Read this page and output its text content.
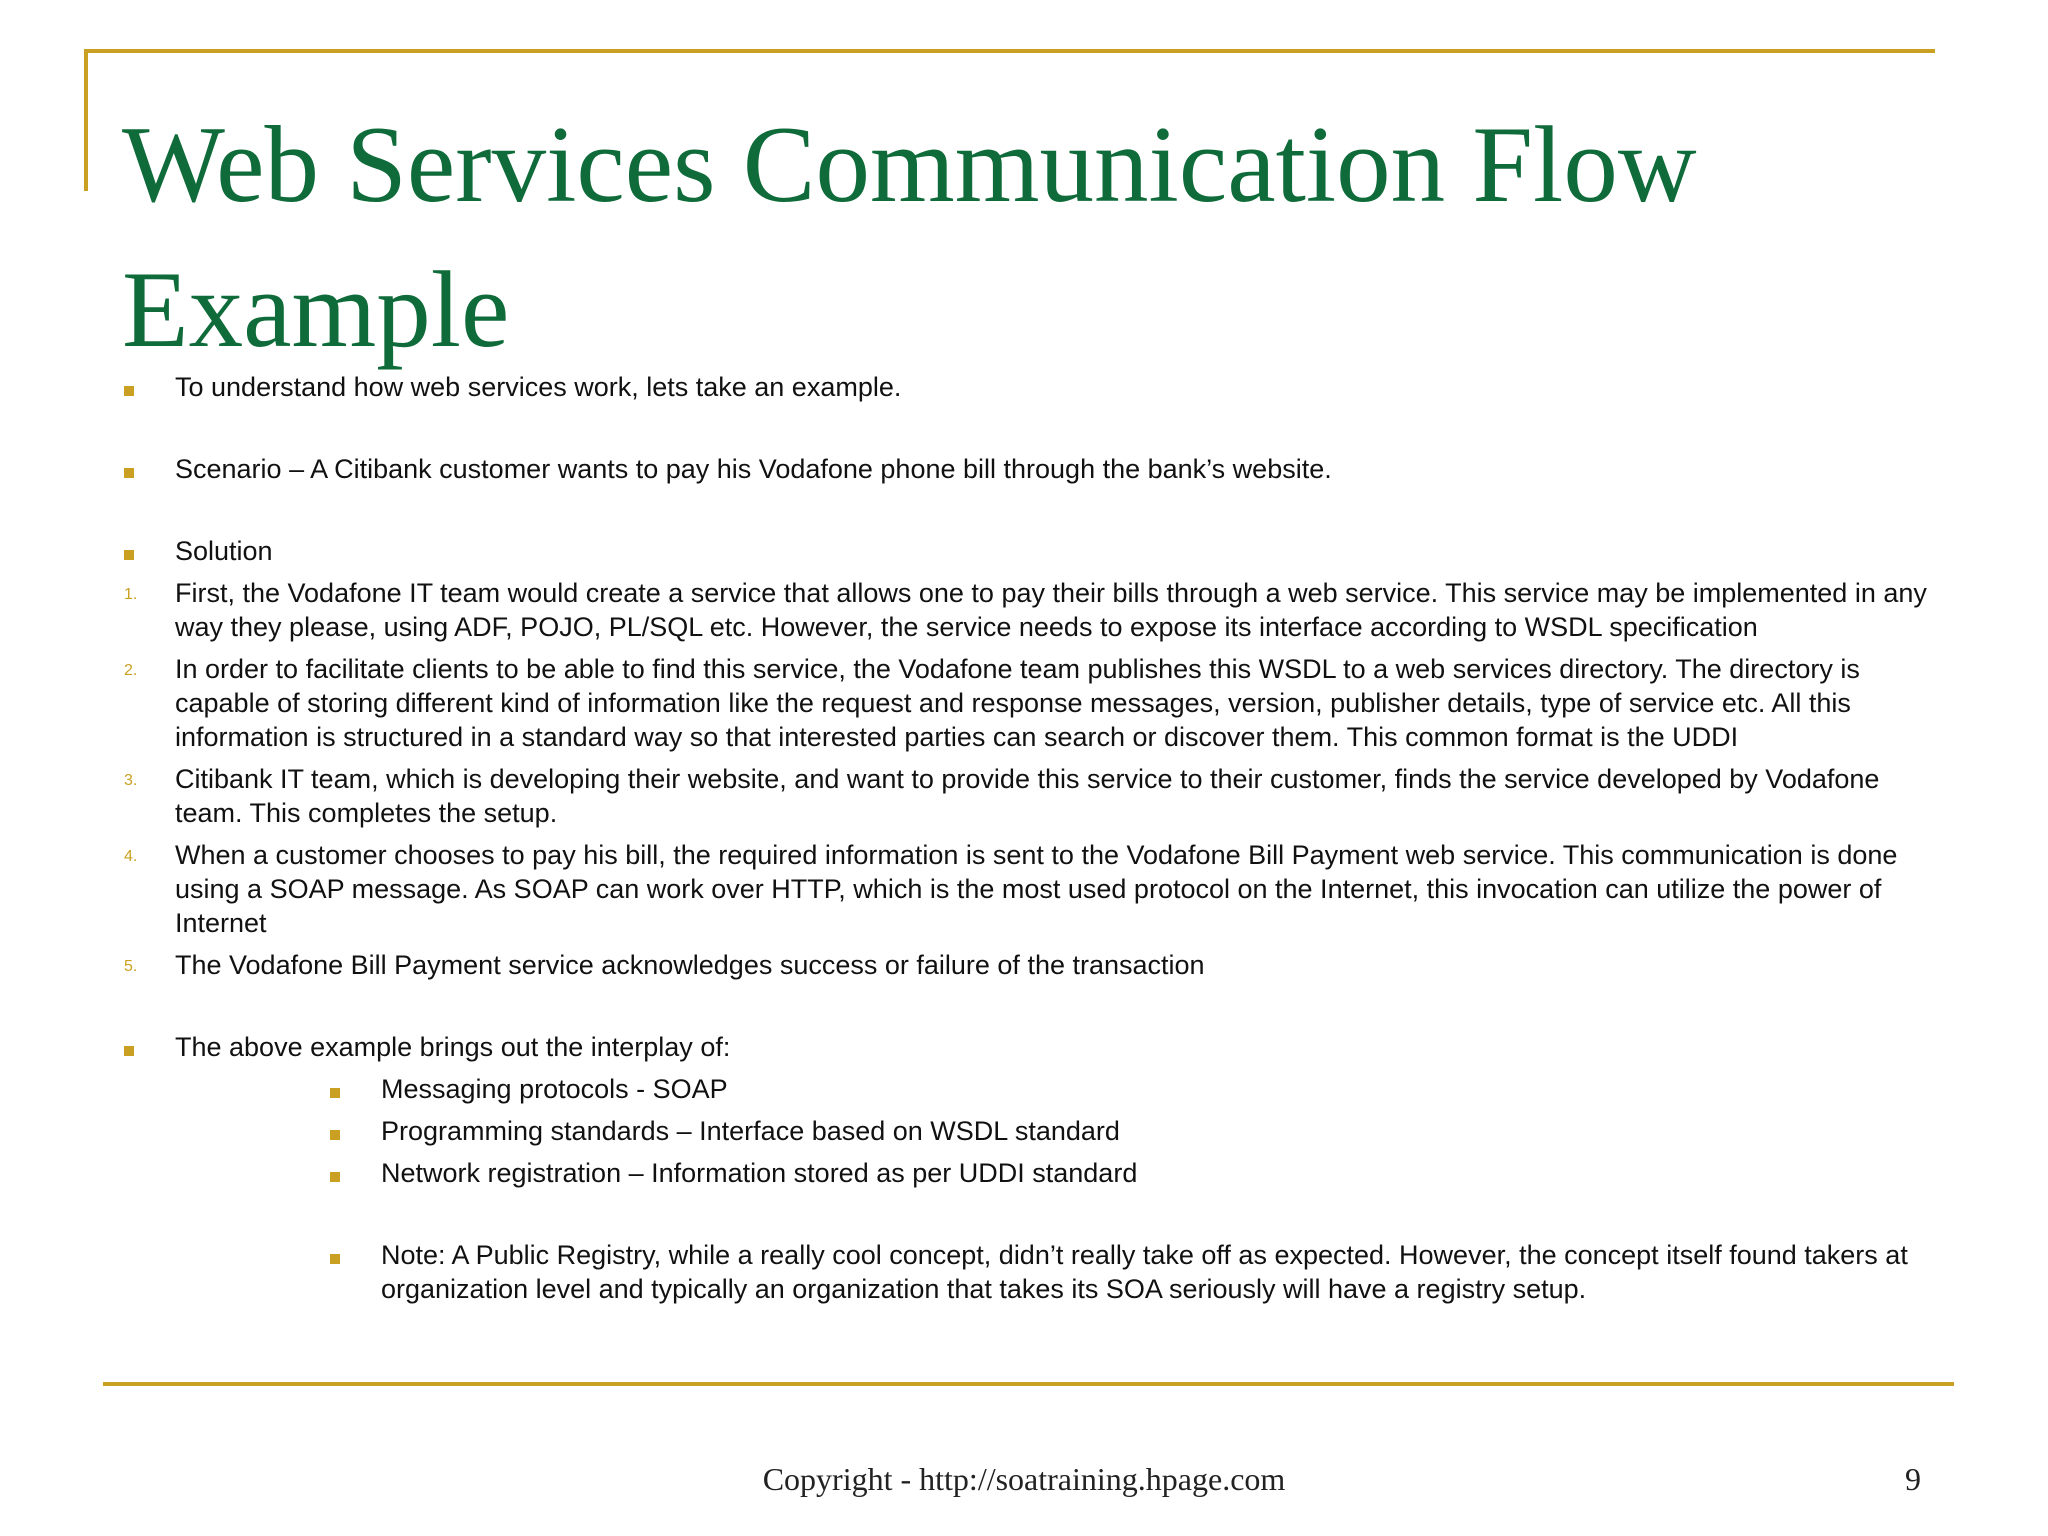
Web Services Communication Flow Example
To understand how web services work, lets take an example.
Scenario – A Citibank customer wants to pay his Vodafone phone bill through the bank’s website.
Solution
1. First, the Vodafone IT team would create a service that allows one to pay their bills through a web service. This service may be implemented in any way they please, using ADF, POJO, PL/SQL etc. However, the service needs to expose its interface according to WSDL specification
2. In order to facilitate clients to be able to find this service, the Vodafone team publishes this WSDL to a web services directory. The directory is capable of storing different kind of information like the request and response messages, version, publisher details, type of service etc. All this information is structured in a standard way so that interested parties can search or discover them. This common format is the UDDI
3. Citibank IT team, which is developing their website, and want to provide this service to their customer, finds the service developed by Vodafone team. This completes the setup.
4. When a customer chooses to pay his bill, the required information is sent to the Vodafone Bill Payment web service. This communication is done using a SOAP message. As SOAP can work over HTTP, which is the most used protocol on the Internet, this invocation can utilize the power of Internet
5. The Vodafone Bill Payment service acknowledges success or failure of the transaction
The above example brings out the interplay of:
Messaging protocols - SOAP
Programming standards – Interface based on WSDL standard
Network registration – Information stored as per UDDI standard
Note: A Public Registry, while a really cool concept, didn’t really take off as expected. However, the concept itself found takers at organization level and typically an organization that takes its SOA seriously will have a registry setup.
Copyright - http://soatraining.hpage.com	9
